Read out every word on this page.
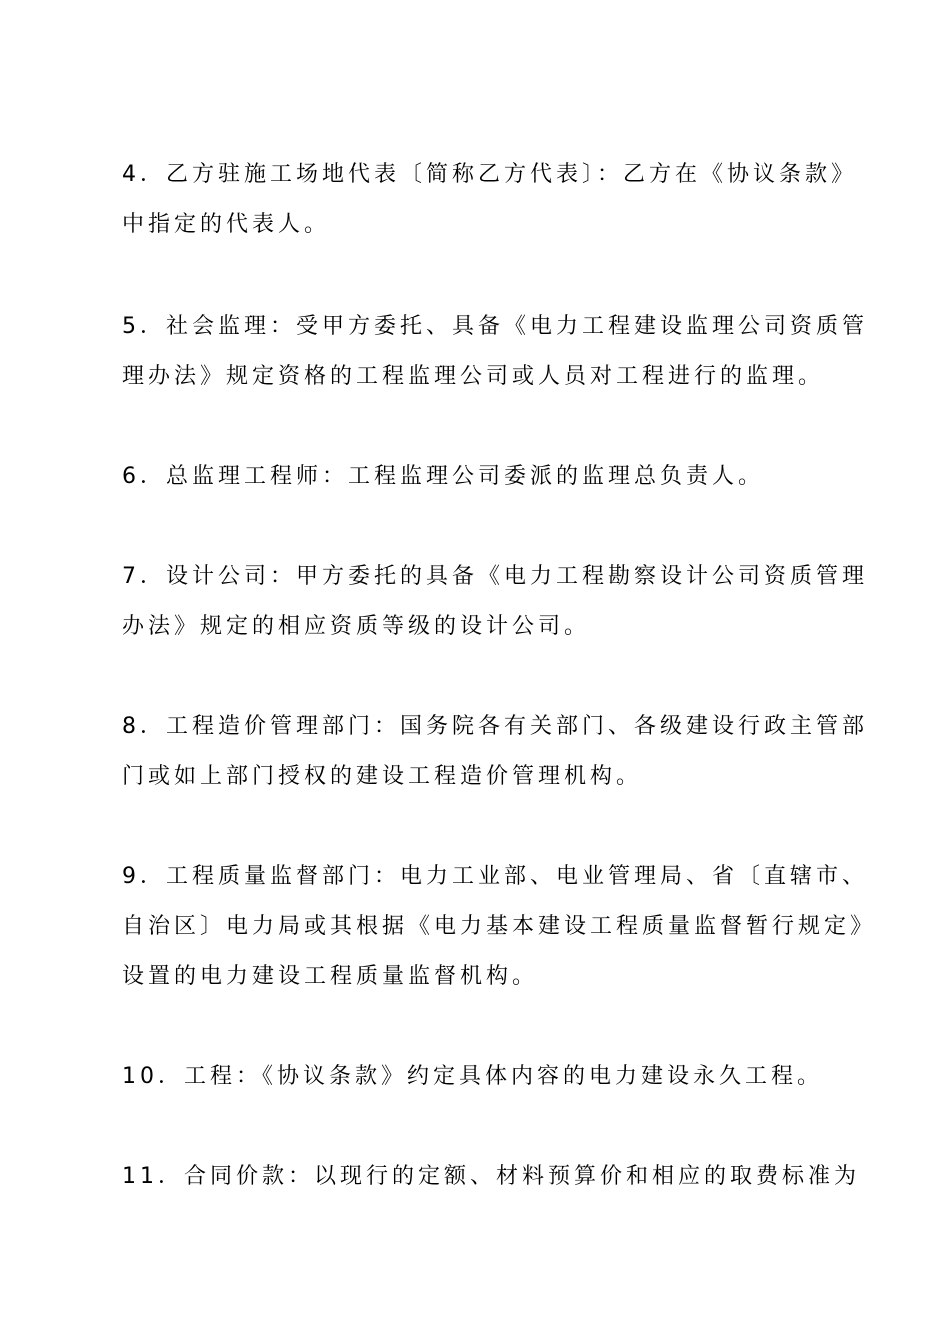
4．乙方驻施工场地代表〔简称乙方代表〕：乙方在《协议条款》
中指定的代表人。
5．社会监理：受甲方委托、具备《电力工程建设监理公司资质管
理办法》规定资格的工程监理公司或人员对工程进行的监理。
6．总监理工程师：工程监理公司委派的监理总负责人。
7．设计公司：甲方委托的具备《电力工程勘察设计公司资质管理
办法》规定的相应资质等级的设计公司。
8．工程造价管理部门：国务院各有关部门、各级建设行政主管部
门或如上部门授权的建设工程造价管理机构。
9．工程质量监督部门：电力工业部、电业管理局、省〔直辖市、
自治区〕电力局或其根据《电力基本建设工程质量监督暂行规定》
设置的电力建设工程质量监督机构。
10．工程：《协议条款》约定具体内容的电力建设永久工程。
11．合同价款：以现行的定额、材料预算价和相应的取费标准为
